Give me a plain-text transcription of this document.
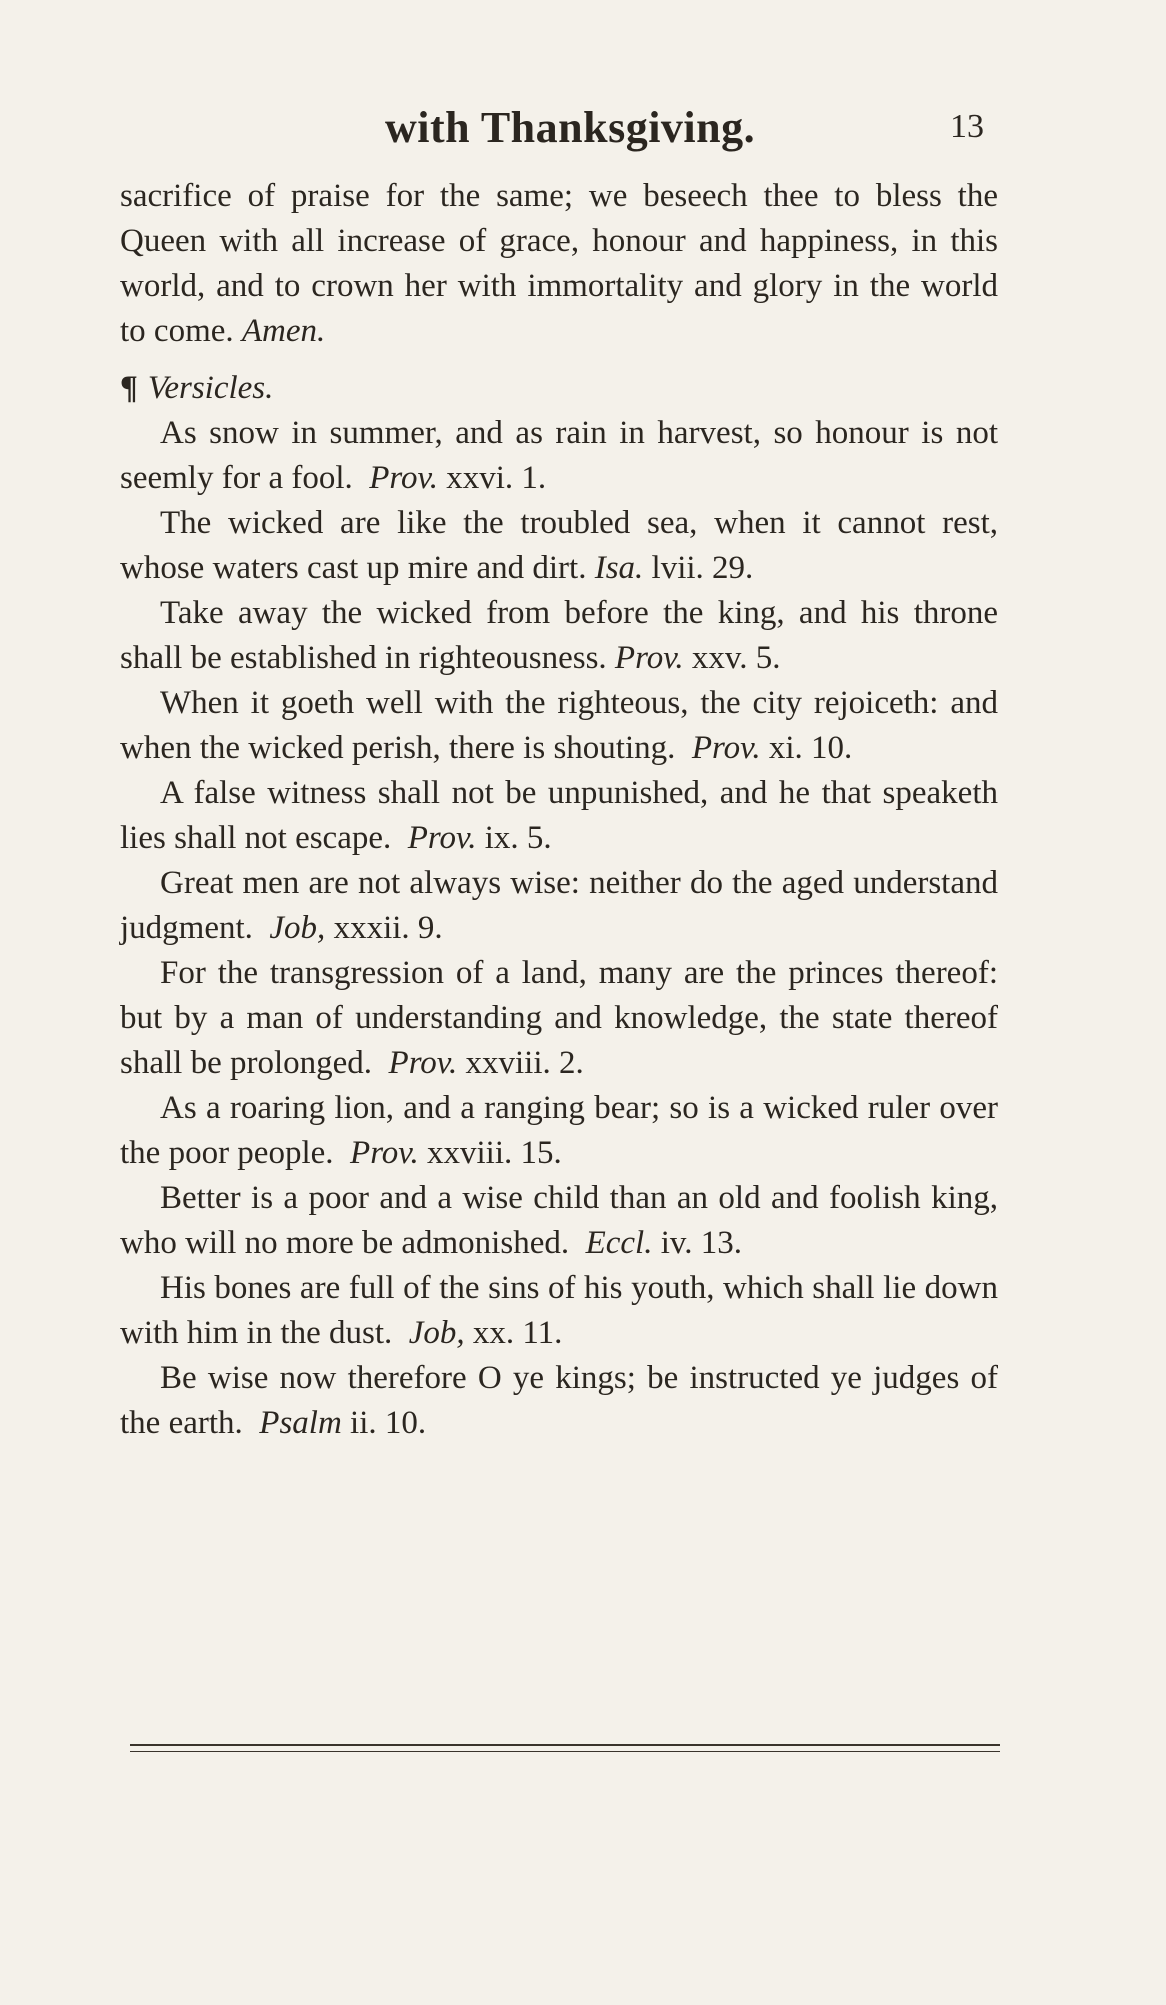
with Thanksgiving.	13

sacrifice of praise for the same; we beseech thee to bless the Queen with all increase of grace, honour and happiness, in this world, and to crown her with immortality and glory in the world to come. Amen.

¶ Versicles.

As snow in summer, and as rain in harvest, so honour is not seemly for a fool. Prov. xxvi. 1.

The wicked are like the troubled sea, when it cannot rest, whose waters cast up mire and dirt. Isa. lvii. 29.

Take away the wicked from before the king, and his throne shall be established in righteousness. Prov. xxv. 5.

When it goeth well with the righteous, the city rejoiceth: and when the wicked perish, there is shouting. Prov. xi. 10.

A false witness shall not be unpunished, and he that speaketh lies shall not escape. Prov. ix. 5.

Great men are not always wise: neither do the aged understand judgment. Job, xxxii. 9.

For the transgression of a land, many are the princes thereof: but by a man of understanding and knowledge, the state thereof shall be prolonged. Prov. xxviii. 2.

As a roaring lion, and a ranging bear; so is a wicked ruler over the poor people. Prov. xxviii. 15.

Better is a poor and a wise child than an old and foolish king, who will no more be admonished. Eccl. iv. 13.

His bones are full of the sins of his youth, which shall lie down with him in the dust. Job, xx. 11.

Be wise now therefore O ye kings; be instructed ye judges of the earth. Psalm ii. 10.
